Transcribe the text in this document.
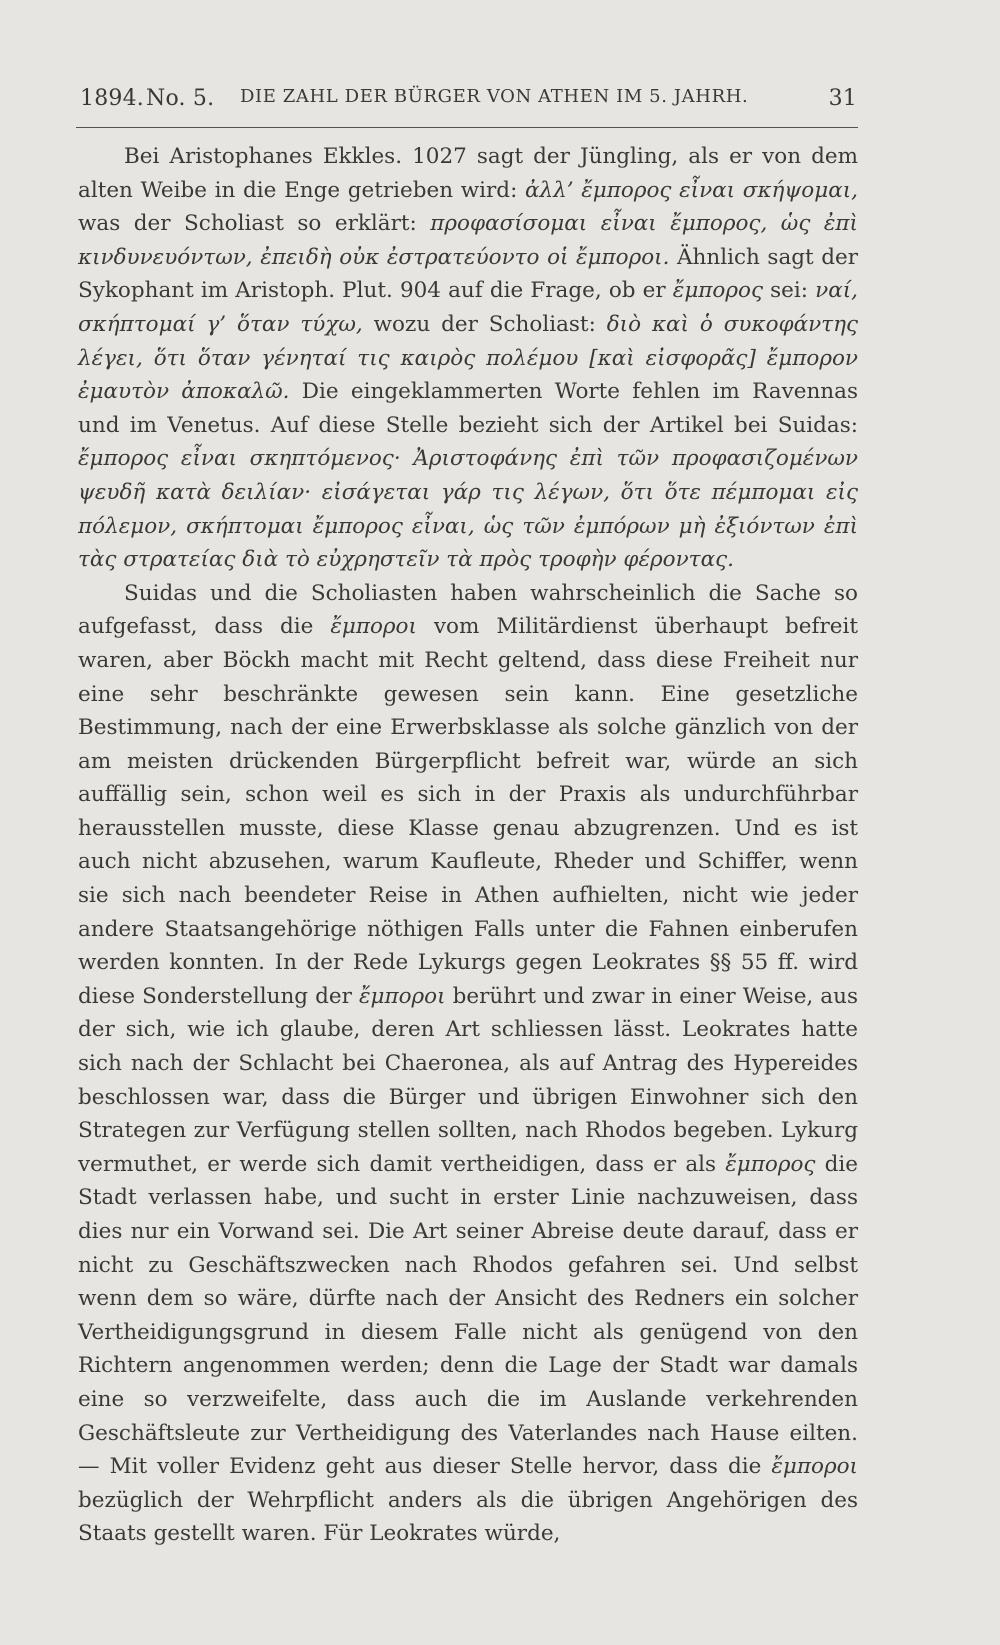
1894. No. 5. DIE ZAHL DER BÜRGER VON ATHEN IM 5. JAHRH.	31

Bei Aristophanes Ekkles. 1027 sagt der Jüngling, als er von dem alten Weibe in die Enge getrieben wird: ἀλλ’ ἔμπορος εἶναι σκήψομαι, was der Scholiast so erklärt: προφασίσομαι εἶναι ἔμπορος, ὡς ἐπὶ κινδυνευόντων, ἐπειδὴ οὐκ ἐστρατεύοντο οἱ ἔμποροι. Ähnlich sagt der Sykophant im Aristoph. Plut. 904 auf die Frage, ob er ἔμπορος sei: ναί, σκήπτομαί γ’ ὅταν τύχω, wozu der Scholiast: διὸ καὶ ὁ συκοφάντης λέγει, ὅτι ὅταν γένηταί τις καιρὸς πολέμου [καὶ εἰσφορᾶς] ἔμπορον ἐμαυτὸν ἀποκαλῶ. Die eingeklammerten Worte fehlen im Ravennas und im Venetus. Auf diese Stelle bezieht sich der Artikel bei Suidas: ἔμπορος εἶναι σκηπτόμενος· Ἀριστοφάνης ἐπὶ τῶν προφασιζομένων ψευδῆ κατὰ δειλίαν· εἰσάγεται γάρ τις λέγων, ὅτι ὅτε πέμπομαι εἰς πόλεμον, σκήπτομαι ἔμπορος εἶναι, ὡς τῶν ἐμπόρων μὴ ἐξιόντων ἐπὶ τὰς στρατείας διὰ τὸ εὐχρηστεῖν τὰ πρὸς τροφὴν φέροντας.

Suidas und die Scholiasten haben wahrscheinlich die Sache so aufgefasst, dass die ἔμποροι vom Militärdienst überhaupt befreit waren, aber Böckh macht mit Recht geltend, dass diese Freiheit nur eine sehr beschränkte gewesen sein kann. Eine gesetzliche Bestimmung, nach der eine Erwerbsklasse als solche gänzlich von der am meisten drückenden Bürgerpflicht befreit war, würde an sich auffällig sein, schon weil es sich in der Praxis als undurchführbar herausstellen musste, diese Klasse genau abzugrenzen. Und es ist auch nicht abzusehen, warum Kaufleute, Rheder und Schiffer, wenn sie sich nach beendeter Reise in Athen aufhielten, nicht wie jeder andere Staatsangehörige nöthigen Falls unter die Fahnen einberufen werden konnten. In der Rede Lykurgs gegen Leokrates §§ 55 ff. wird diese Sonderstellung der ἔμποροι berührt und zwar in einer Weise, aus der sich, wie ich glaube, deren Art schliessen lässt. Leokrates hatte sich nach der Schlacht bei Chaeronea, als auf Antrag des Hypereides beschlossen war, dass die Bürger und übrigen Einwohner sich den Strategen zur Verfügung stellen sollten, nach Rhodos begeben. Lykurg vermuthet, er werde sich damit vertheidigen, dass er als ἔμπορος die Stadt verlassen habe, und sucht in erster Linie nachzuweisen, dass dies nur ein Vorwand sei. Die Art seiner Abreise deute darauf, dass er nicht zu Geschäftszwecken nach Rhodos gefahren sei. Und selbst wenn dem so wäre, dürfte nach der Ansicht des Redners ein solcher Vertheidigungsgrund in diesem Falle nicht als genügend von den Richtern angenommen werden; denn die Lage der Stadt war damals eine so verzweifelte, dass auch die im Auslande verkehrenden Geschäftsleute zur Vertheidigung des Vaterlandes nach Hause eilten. — Mit voller Evidenz geht aus dieser Stelle hervor, dass die ἔμποροι bezüglich der Wehrpflicht anders als die übrigen Angehörigen des Staats gestellt waren. Für Leokrates würde,
